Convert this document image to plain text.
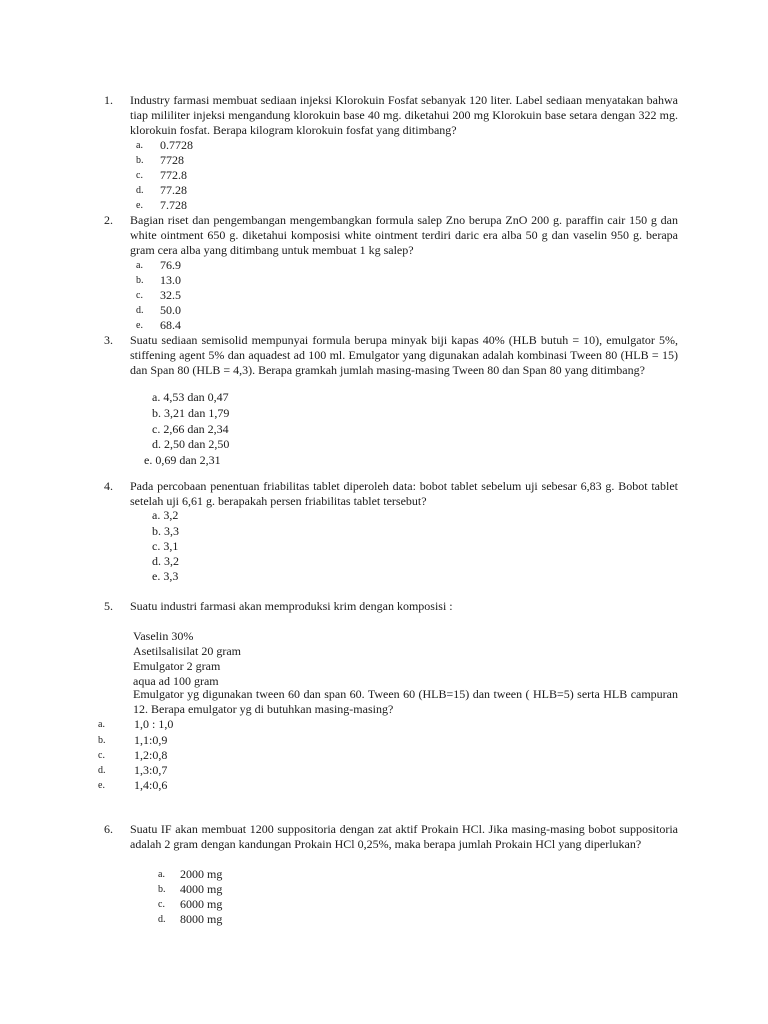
1. Industry farmasi membuat sediaan injeksi Klorokuin Fosfat sebanyak 120 liter. Label sediaan menyatakan bahwa tiap mililiter injeksi mengandung klorokuin base 40 mg. diketahui 200 mg Klorokuin base setara dengan 322 mg. klorokuin fosfat. Berapa kilogram klorokuin fosfat yang ditimbang?

a. 0.7728
b. 7728
c. 772.8
d. 77.28
e. 7.728
2. Bagian riset dan pengembangan mengembangkan formula salep Zno berupa ZnO 200 g. paraffin cair 150 g dan white ointment 650 g. diketahui komposisi white ointment terdiri daric era alba 50 g dan vaselin 950 g. berapa gram cera alba yang ditimbang untuk membuat 1 kg salep?

a. 76.9
b. 13.0
c. 32.5
d. 50.0
e. 68.4
3. Suatu sediaan semisolid mempunyai formula berupa minyak biji kapas 40% (HLB butuh = 10), emulgator 5%, stiffening agent 5% dan aquadest ad 100 ml. Emulgator yang digunakan adalah kombinasi Tween 80 (HLB = 15) dan Span 80 (HLB = 4,3). Berapa gramkah jumlah masing-masing Tween 80 dan Span 80 yang ditimbang?

a. 4,53 dan 0,47
b. 3,21 dan 1,79
c. 2,66 dan 2,34
d. 2,50 dan 2,50
e. 0,69 dan 2,31
4. Pada percobaan penentuan friabilitas tablet diperoleh data: bobot tablet sebelum uji sebesar 6,83 g. Bobot tablet setelah uji 6,61 g. berapakah persen friabilitas tablet tersebut?

a. 3,2
b. 3,3
c. 3,1
d. 3,2
e. 3,3
5. Suatu industri farmasi akan memproduksi krim dengan komposisi :

Vaselin 30%
Asetilsalisilat 20 gram
Emulgator 2 gram
aqua ad 100 gram

Emulgator yg digunakan tween 60 dan span 60. Tween 60 (HLB=15) dan tween ( HLB=5) serta HLB campuran 12. Berapa emulgator yg di butuhkan masing-masing?

a. 1,0 : 1,0
b. 1,1:0,9
c. 1,2:0,8
d. 1,3:0,7
e. 1,4:0,6
6. Suatu IF akan membuat 1200 suppositoria dengan zat aktif Prokain HCl. Jika masing-masing bobot suppositoria adalah 2 gram dengan kandungan Prokain HCl 0,25%, maka berapa jumlah Prokain HCl yang diperlukan?

a. 2000 mg
b. 4000 mg
c. 6000 mg
d. 8000 mg
